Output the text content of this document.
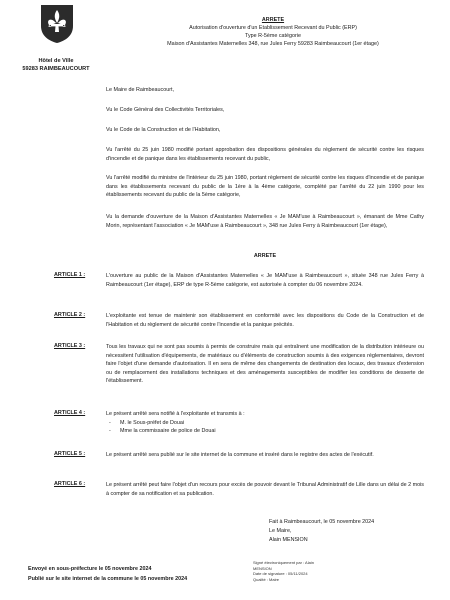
Hôtel de Ville
59283 RAIMBEAUCOURT
ARRETE
Autorisation d'ouverture d'un Etablissement Recevant du Public (ERP)
Type R-5ème catégorie
Maison d'Assistantes Maternelles 348, rue Jules Ferry 59283 Raimbeaucourt (1er étage)
Le Maire de Raimbeaucourt,
Vu le Code Général des Collectivités Territoriales,
Vu le Code de la Construction et de l'Habitation,
Vu l'arrêté du 25 juin 1980 modifié portant approbation des dispositions générales du règlement de sécurité contre les risques d'incendie et de panique dans les établissements recevant du public,
Vu l'arrêté modifié du ministre de l'intérieur du 25 juin 1980, portant règlement de sécurité contre les risques d'incendie et de panique dans les établissements recevant du public de la 1ère à la 4ème catégorie, complété par l'arrêté du 22 juin 1990 pour les établissements recevant du public de la 5ème catégorie,
Vu la demande d'ouverture de la Maison d'Assistantes Maternelles « Je MAM'use à Raimbeaucourt », émanant de Mme Cathy Morin, représentant l'association « Je MAM'use à Raimbeaucourt », 348 rue Jules Ferry à Raimbeaucourt (1er étage),
ARRETE
ARTICLE 1 :	L'ouverture au public de la Maison d'Assistantes Maternelles « Je MAM'use à Raimbeaucourt », située 348 rue Jules Ferry à Raimbeaucourt (1er étage), ERP de type R-5ème catégorie, est autorisée à compter du 06 novembre 2024.
ARTICLE 2 :	L'exploitante est tenue de maintenir son établissement en conformité avec les dispositions du Code de la Construction et de l'Habitation et du règlement de sécurité contre l'incendie et la panique précités.
ARTICLE 3 :	Tous les travaux qui ne sont pas soumis à permis de construire mais qui entraînent une modification de la distribution intérieure ou nécessitent l'utilisation d'équipements, de matériaux ou d'éléments de construction soumis à des exigences réglementaires, devront faire l'objet d'une demande d'autorisation. Il en sera de même des changements de destination des locaux, des travaux d'extension ou de remplacement des installations techniques et des aménagements susceptibles de modifier les conditions de desserte de l'établissement.
ARTICLE 4 :	Le présent arrêté sera notifié à l'exploitante et transmis à :
- M. le Sous-préfet de Douai
- Mme la commissaire de police de Douai
ARTICLE 5 :	Le présent arrêté sera publié sur le site internet de la commune et inséré dans le registre des actes de l'exécutif.
ARTICLE 6 :	Le présent arrêté peut faire l'objet d'un recours pour excès de pouvoir devant le Tribunal Administratif de Lille dans un délai de 2 mois à compter de sa notification et sa publication.
Fait à Raimbeaucourt, le 05 novembre 2024
Le Maire,
Alain MENSION
Envoyé en sous-préfecture le 05 novembre 2024
Publié sur le site internet de la commune le 05 novembre 2024
Signé électroniquement par : Alain
MENSION
Date de signature : 05/11/2024
Qualité : Maire
